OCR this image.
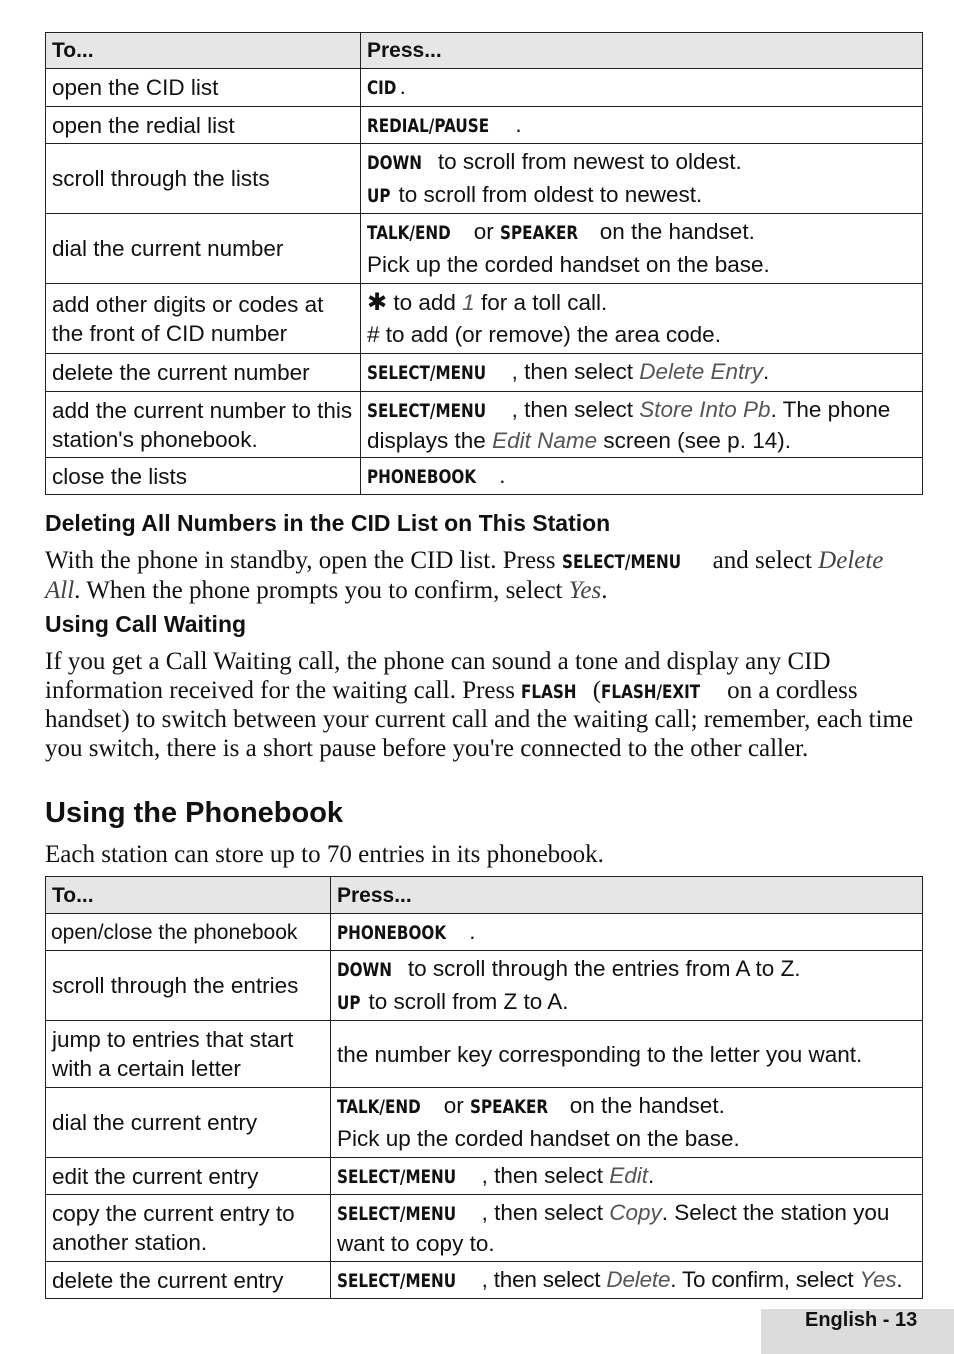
To...	Press...
open the CID list	CID .
open the redial list	REDIAL/PAUSE .
scroll through the lists	DOWN to scroll from newest to oldest.

UP to scroll from oldest to newest.

dial the current number	TALK/END or SPEAKER on the handset.

Pick up the corded handset on the base.

add other digits or codes at the front of CID number	✱ to add 1 for a toll call.

# to add (or remove) the area code.

delete the current number	SELECT/MENU , then select Delete Entry.
add the current number to this station's phonebook.	SELECT/MENU , then select Store Into Pb. The phone displays the Edit Name screen (see p. 14).
close the lists	PHONEBOOK .
Deleting All Numbers in the CID List on This Station

With the phone in standby, open the CID list. Press SELECT/MENU and select Delete All. When the phone prompts you to confirm, select Yes.

Using Call Waiting

If you get a Call Waiting call, the phone can sound a tone and display any CID information received for the waiting call. Press FLASH (FLASH/EXIT on a cordless handset) to switch between your current call and the waiting call; remember, each time you switch, there is a short pause before you're connected to the other caller.

Using the Phonebook

Each station can store up to 70 entries in its phonebook.

To...	Press...
open/close the phonebook	PHONEBOOK .
scroll through the entries	DOWN to scroll through the entries from A to Z.

UP to scroll from Z to A.

jump to entries that start with a certain letter	the number key corresponding to the letter you want.
dial the current entry	TALK/END or SPEAKER on the handset.

Pick up the corded handset on the base.

edit the current entry	SELECT/MENU , then select Edit.
copy the current entry to another station.	SELECT/MENU , then select Copy. Select the station you want to copy to.
delete the current entry	SELECT/MENU , then select Delete. To confirm, select Yes.
English - 13
